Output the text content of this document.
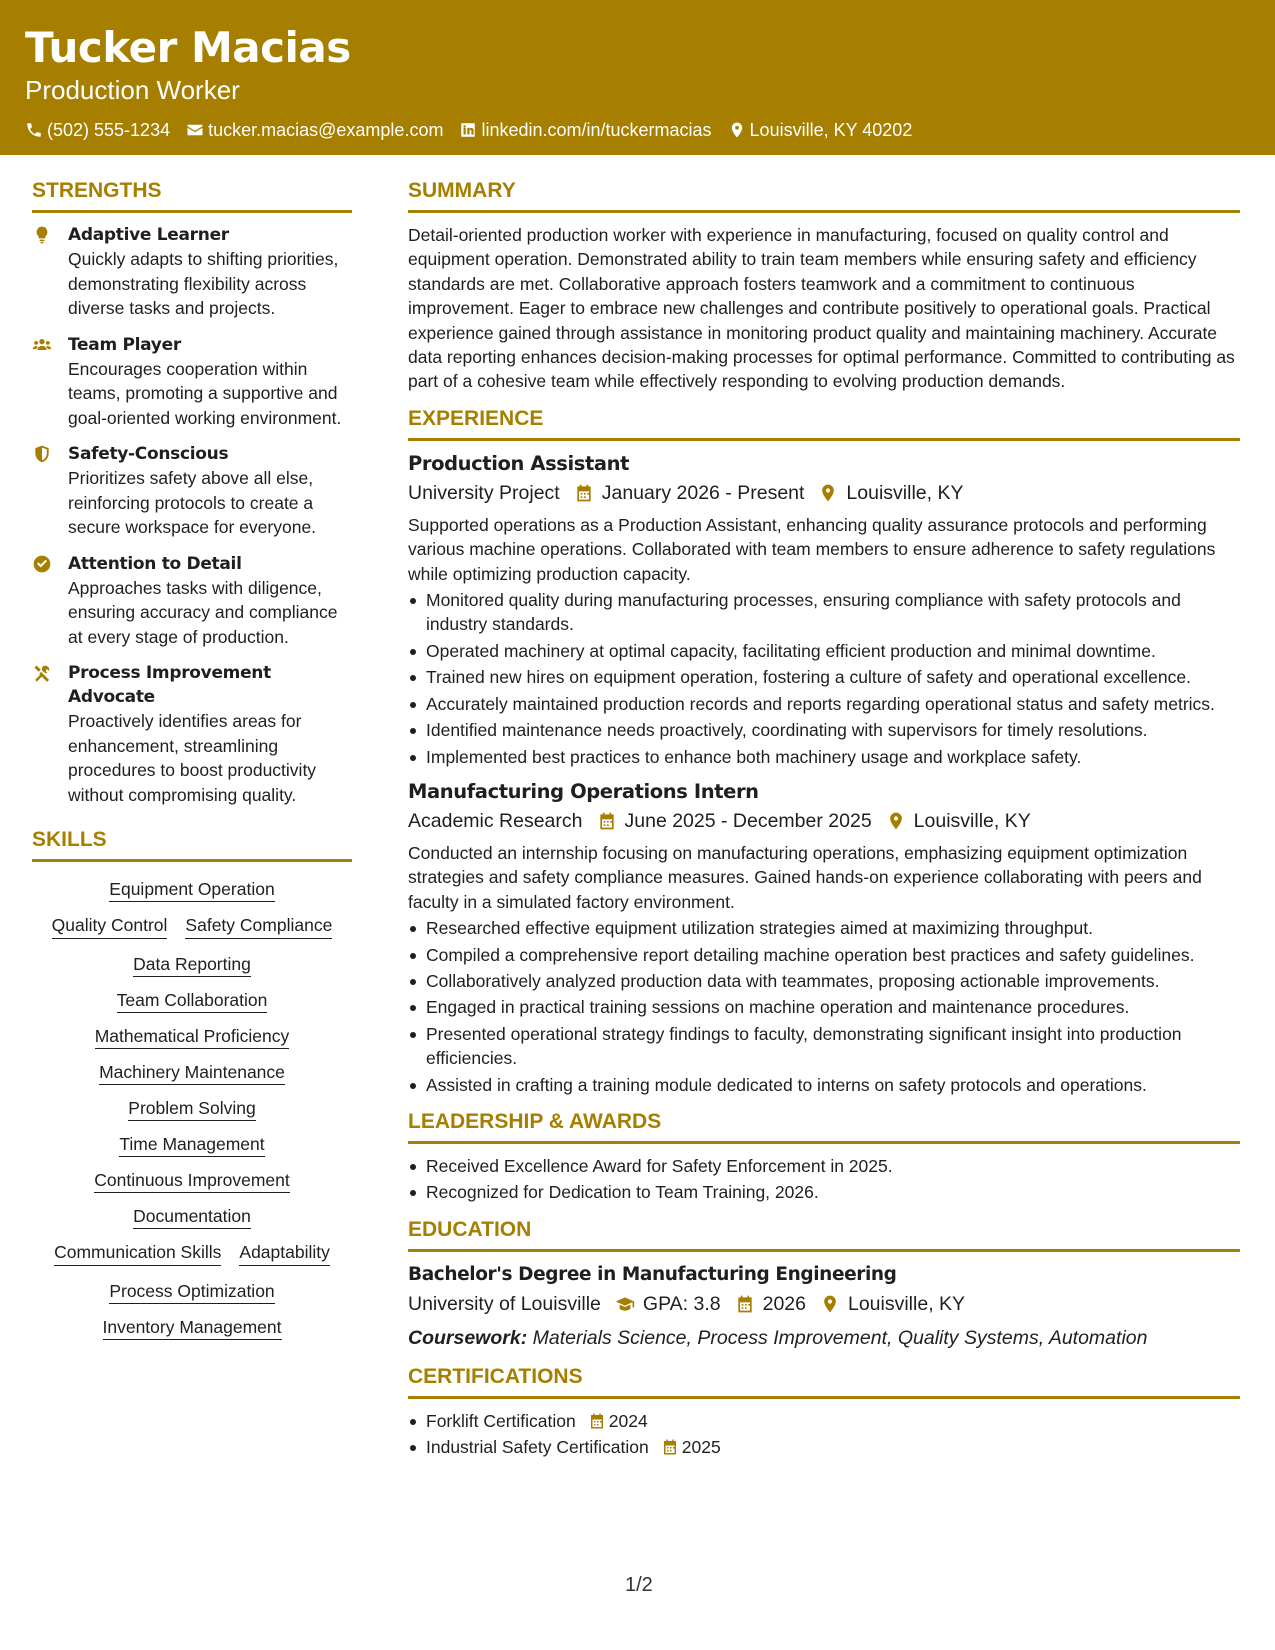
Tucker Macias
Production Worker
(502) 555-1234 tucker.macias@example.com linkedin.com/in/tuckermacias Louisville, KY 40202
STRENGTHS
Adaptive Learner
Quickly adapts to shifting priorities, demonstrating flexibility across diverse tasks and projects.
Team Player
Encourages cooperation within teams, promoting a supportive and goal-oriented working environment.
Safety-Conscious
Prioritizes safety above all else, reinforcing protocols to create a secure workspace for everyone.
Attention to Detail
Approaches tasks with diligence, ensuring accuracy and compliance at every stage of production.
Process Improvement Advocate
Proactively identifies areas for enhancement, streamlining procedures to boost productivity without compromising quality.
SKILLS
Equipment Operation
Quality Control Safety Compliance
Data Reporting
Team Collaboration
Mathematical Proficiency
Machinery Maintenance
Problem Solving
Time Management
Continuous Improvement
Documentation
Communication Skills Adaptability
Process Optimization
Inventory Management
SUMMARY
Detail-oriented production worker with experience in manufacturing, focused on quality control and equipment operation. Demonstrated ability to train team members while ensuring safety and efficiency standards are met. Collaborative approach fosters teamwork and a commitment to continuous improvement. Eager to embrace new challenges and contribute positively to operational goals. Practical experience gained through assistance in monitoring product quality and maintaining machinery. Accurate data reporting enhances decision-making processes for optimal performance. Committed to contributing as part of a cohesive team while effectively responding to evolving production demands.
EXPERIENCE
Production Assistant
University Project January 2026 - Present Louisville, KY
Supported operations as a Production Assistant, enhancing quality assurance protocols and performing various machine operations. Collaborated with team members to ensure adherence to safety regulations while optimizing production capacity.
Monitored quality during manufacturing processes, ensuring compliance with safety protocols and industry standards.
Operated machinery at optimal capacity, facilitating efficient production and minimal downtime.
Trained new hires on equipment operation, fostering a culture of safety and operational excellence.
Accurately maintained production records and reports regarding operational status and safety metrics.
Identified maintenance needs proactively, coordinating with supervisors for timely resolutions.
Implemented best practices to enhance both machinery usage and workplace safety.
Manufacturing Operations Intern
Academic Research June 2025 - December 2025 Louisville, KY
Conducted an internship focusing on manufacturing operations, emphasizing equipment optimization strategies and safety compliance measures. Gained hands-on experience collaborating with peers and faculty in a simulated factory environment.
Researched effective equipment utilization strategies aimed at maximizing throughput.
Compiled a comprehensive report detailing machine operation best practices and safety guidelines.
Collaboratively analyzed production data with teammates, proposing actionable improvements.
Engaged in practical training sessions on machine operation and maintenance procedures.
Presented operational strategy findings to faculty, demonstrating significant insight into production efficiencies.
Assisted in crafting a training module dedicated to interns on safety protocols and operations.
LEADERSHIP & AWARDS
Received Excellence Award for Safety Enforcement in 2025.
Recognized for Dedication to Team Training, 2026.
EDUCATION
Bachelor's Degree in Manufacturing Engineering
University of Louisville GPA: 3.8 2026 Louisville, KY
Coursework: Materials Science, Process Improvement, Quality Systems, Automation
CERTIFICATIONS
Forklift Certification 2024
Industrial Safety Certification 2025
1/2
